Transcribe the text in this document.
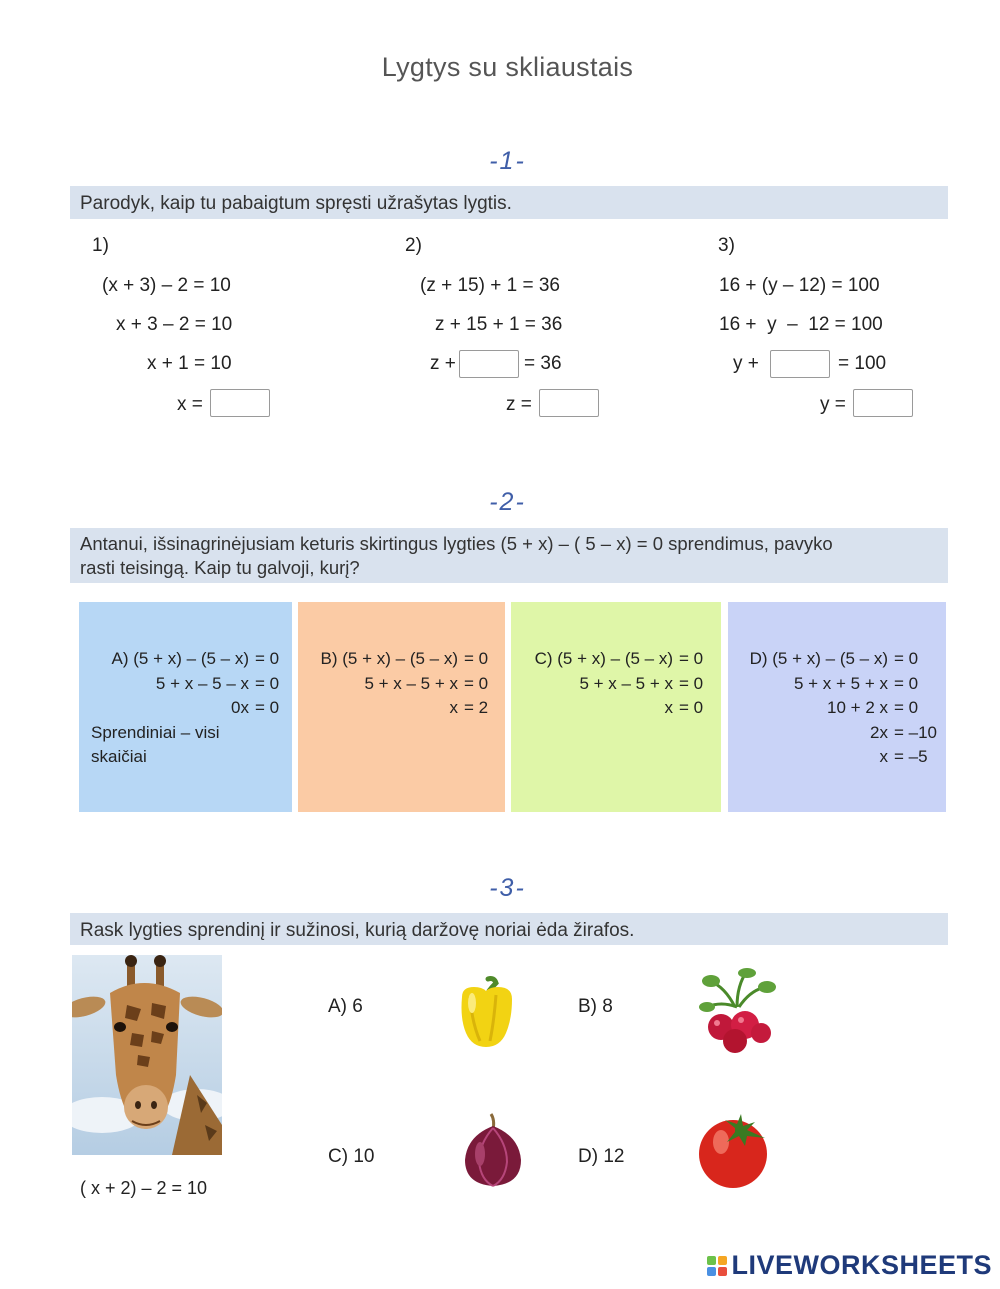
Lygtys su skliaustais
-1-
Parodyk, kaip tu pabaigtum spręsti užrašytas lygtis.
1)
(x + 3) – 2 = 10
x + 3 – 2 = 10
x + 1 = 10
x =
2)
(z + 15) + 1 = 36
z + 15 + 1 = 36
z +	= 36
z =
3)
16 + (y – 12) = 100
16 +  y  –  12 = 100
y +	= 100
y =
-2-
Antanui, išsinagrinėjusiam keturis skirtingus lygties (5 + x) – ( 5 – x) = 0 sprendimus, pavyko
rasti teisingą. Kaip tu galvoji, kurį?
A) (5 + x) – (5 – x) = 0
5 + x – 5 – x = 0
0x = 0
Sprendiniai – visi
skaičiai
B) (5 + x) – (5 – x) = 0
5 + x – 5 + x = 0
x = 2
C) (5 + x) – (5 – x) = 0
5 + x – 5 + x = 0
x = 0
D) (5 + x) – (5 – x) = 0
5 + x + 5 + x = 0
10 + 2 x = 0
2x = –10
x = –5
-3-
Rask lygties sprendinį ir sužinosi, kurią daržovę noriai ėda žirafos.
( x + 2) – 2 = 10
A) 6	B) 8
C) 10	D) 12
LIVEWORKSHEETS
